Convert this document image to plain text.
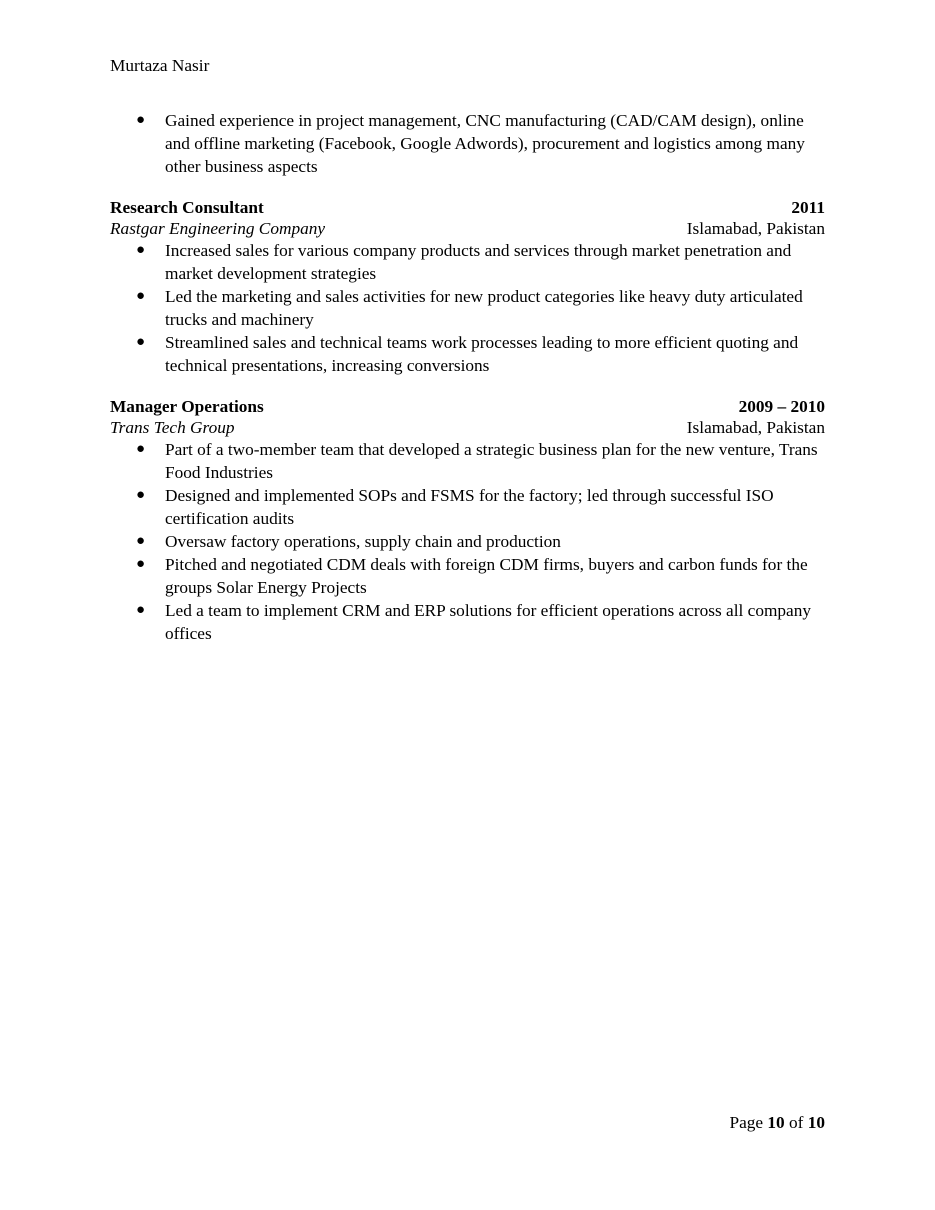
Murtaza Nasir
● Gained experience in project management, CNC manufacturing (CAD/CAM design), online and offline marketing (Facebook, Google Adwords), procurement and logistics among many other business aspects
Research Consultant	2011
Rastgar Engineering Company	Islamabad, Pakistan
● Increased sales for various company products and services through market penetration and market development strategies
● Led the marketing and sales activities for new product categories like heavy duty articulated trucks and machinery
● Streamlined sales and technical teams work processes leading to more efficient quoting and technical presentations, increasing conversions
Manager Operations	2009 – 2010
Trans Tech Group	Islamabad, Pakistan
● Part of a two-member team that developed a strategic business plan for the new venture, Trans Food Industries
● Designed and implemented SOPs and FSMS for the factory; led through successful ISO certification audits
● Oversaw factory operations, supply chain and production
● Pitched and negotiated CDM deals with foreign CDM firms, buyers and carbon funds for the groups Solar Energy Projects
● Led a team to implement CRM and ERP solutions for efficient operations across all company offices
Page 10 of 10
